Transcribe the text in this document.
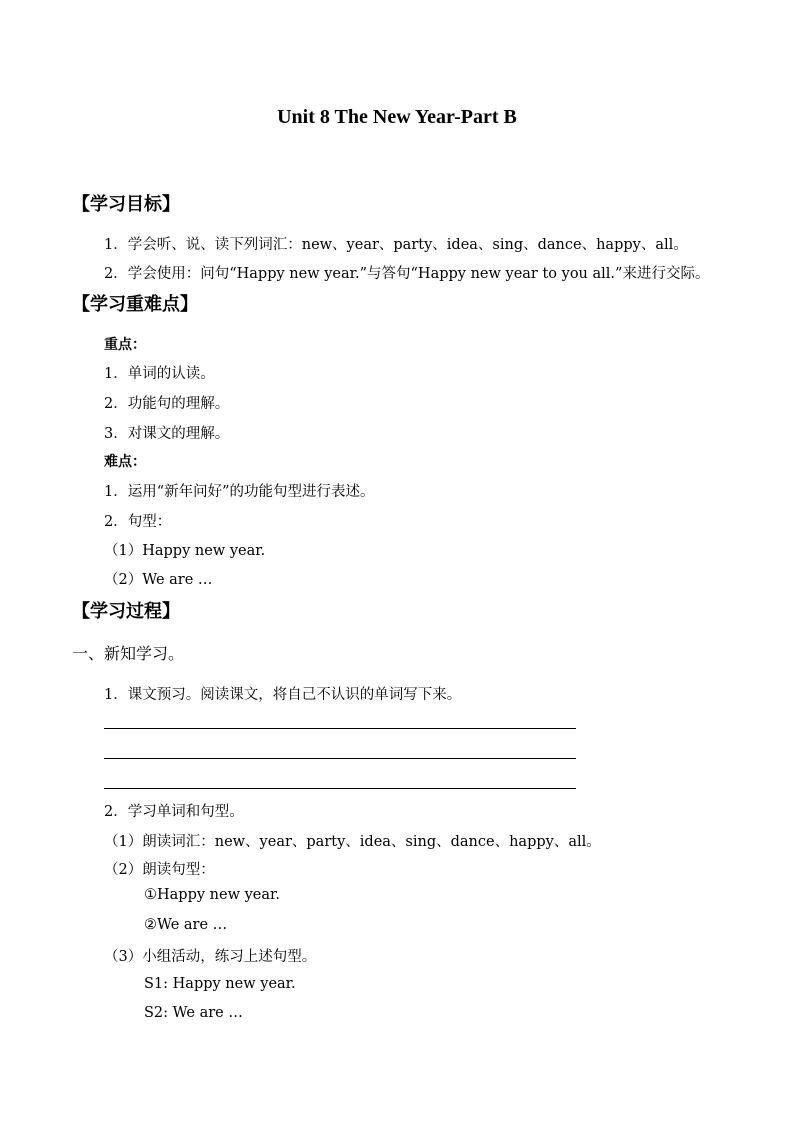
Unit 8 The New Year-Part B
【学习目标】
1．学会听、说、读下列词汇：new、year、party、idea、sing、dance、happy、all。
2．学会使用：问句“Happy new year.”与答句“Happy new year to you all.”来进行交际。
【学习重难点】
重点：
1．单词的认读。
2．功能句的理解。
3．对课文的理解。
难点：
1．运用“新年问好”的功能句型进行表述。
2．句型：
（1）Happy new year.
（2）We are …
【学习过程】
一、新知学习。
1．课文预习。阅读课文，将自己不认识的单词写下来。
2．学习单词和句型。
（1）朗读词汇：new、year、party、idea、sing、dance、happy、all。
（2）朗读句型：
①Happy new year.
②We are …
（3）小组活动，练习上述句型。
S1: Happy new year.
S2: We are …
